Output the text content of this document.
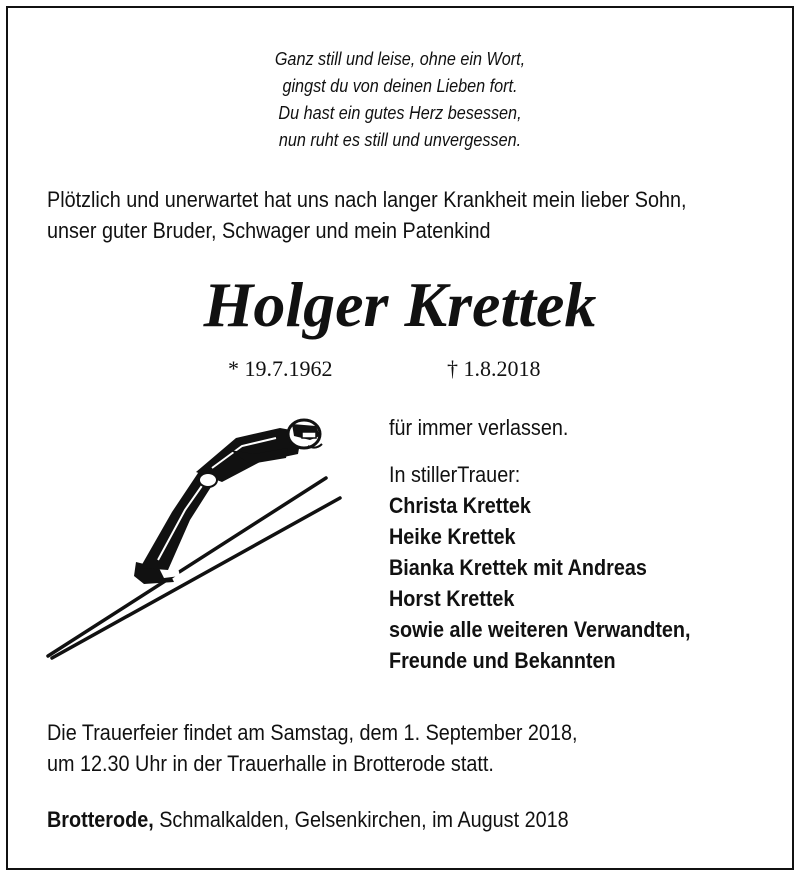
Ganz still und leise, ohne ein Wort,
gingst du von deinen Lieben fort.
Du hast ein gutes Herz besessen,
nun ruht es still und unvergessen.
Plötzlich und unerwartet hat uns nach langer Krankheit mein lieber Sohn,
unser guter Bruder, Schwager und mein Patenkind
Holger Krettek
* 19.7.1962	† 1.8.2018
für immer verlassen.
In stillerTrauer:
Christa Krettek
Heike Krettek
Bianka Krettek mit Andreas
Horst Krettek
sowie alle weiteren Verwandten,
Freunde und Bekannten
Die Trauerfeier findet am Samstag, dem 1. September 2018,
um 12.30 Uhr in der Trauerhalle in Brotterode statt.
Brotterode, Schmalkalden, Gelsenkirchen, im August 2018
